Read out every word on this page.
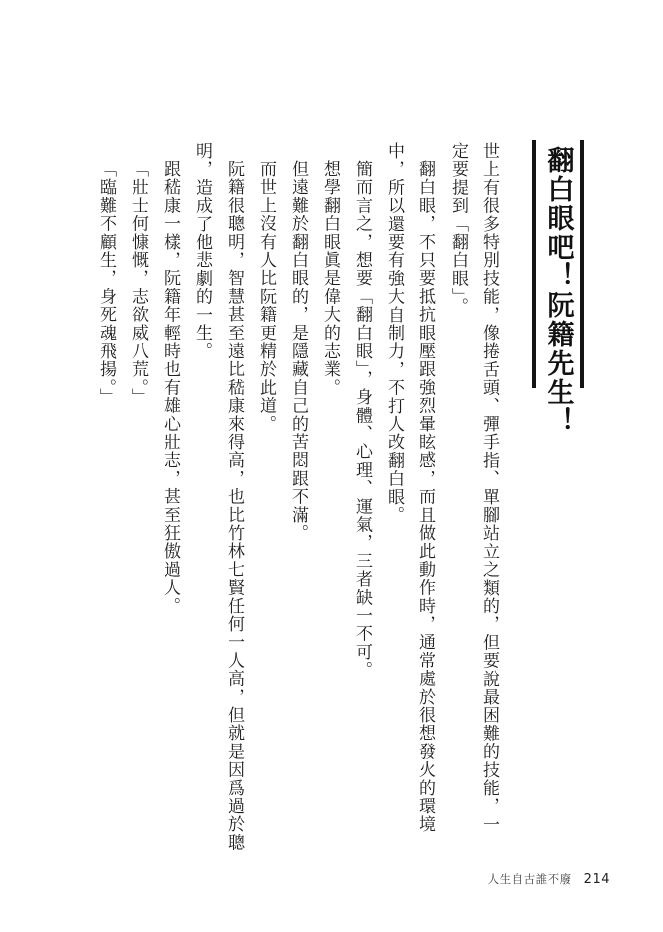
翻白眼吧！阮籍先生！
世上有很多特別技能，像捲舌頭、彈手指、單腳站立之類的，但要說最困難的技能，一
定要提到「翻白眼」。
翻白眼，不只要抵抗眼壓跟強烈暈眩感，而且做此動作時，通常處於很想發火的環境
中，所以還要有強大自制力，不打人改翻白眼。
簡而言之，想要「翻白眼」，身體、心理、運氣，三者缺一不可。
想學翻白眼眞是偉大的志業。
但遠難於翻白眼的，是隱藏自己的苦悶跟不滿。
而世上沒有人比阮籍更精於此道。
阮籍很聰明，智慧甚至遠比嵇康來得高，也比竹林七賢任何一人高，但就是因爲過於聰
明，造成了他悲劇的一生。
跟嵇康一樣，阮籍年輕時也有雄心壯志，甚至狂傲過人。
「壯士何慷慨，志欲威八荒。」
「臨難不顧生，身死魂飛揚。」
人生自古誰不廢 214
